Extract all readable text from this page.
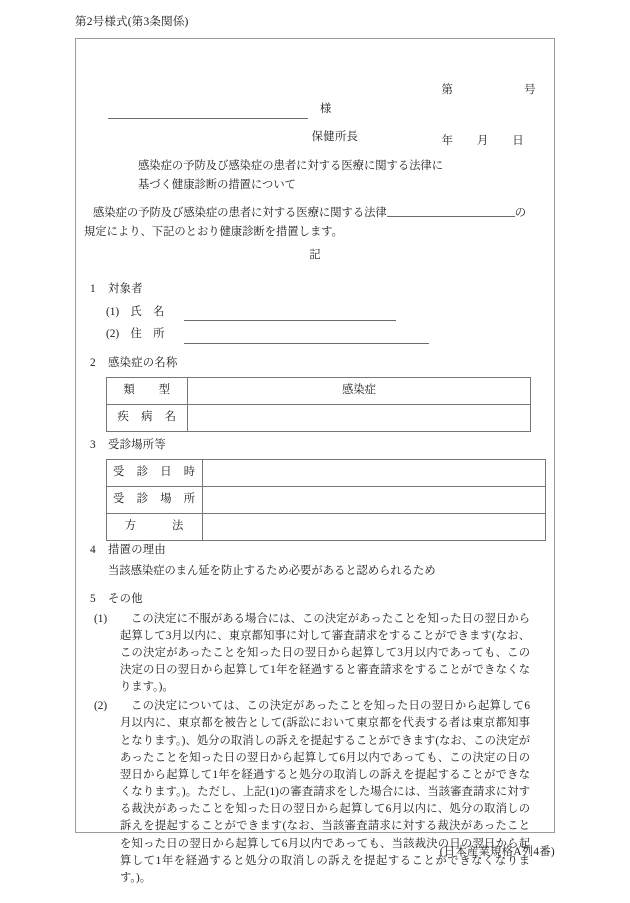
第2号様式(第3条関係)

第　　　　　　号

年　　月　　日

様
保健所長
感染症の予防及び感染症の患者に対する医療に関する法律に
基づく健康診断の措置について
感染症の予防及び感染症の患者に対する医療に関する法律	の
規定により、下記のとおり健康診断を措置します。
記
1 対象者
(1)　氏　名
(2)　住　所
2 感染症の名称
類　　型	感染症
疾　病　名	
3 受診場所等
受　診　日　時	
受　診　場　所	
方　　　法	
4 措置の理由
当該感染症のまん延を防止するため必要があると認められるため
5 その他
(1)	この決定に不服がある場合には、この決定があったことを知った日の翌日から起算して3月以内に、東京都知事に対して審査請求をすることができます(なお、この決定があったことを知った日の翌日から起算して3月以内であっても、この決定の日の翌日から起算して1年を経過すると審査請求をすることができなくなります。)。
(2)	この決定については、この決定があったことを知った日の翌日から起算して6月以内に、東京都を被告として(訴訟において東京都を代表する者は東京都知事となります。)、処分の取消しの訴えを提起することができます(なお、この決定があったことを知った日の翌日から起算して6月以内であっても、この決定の日の翌日から起算して1年を経過すると処分の取消しの訴えを提起することができなくなります。)。ただし、上記(1)の審査請求をした場合には、当該審査請求に対する裁決があったことを知った日の翌日から起算して6月以内に、処分の取消しの訴えを提起することができます(なお、当該審査請求に対する裁決があったことを知った日の翌日から起算して6月以内であっても、当該裁決の日の翌日から起算して1年を経過すると処分の取消しの訴えを提起することができなくなります。)。
(日本産業規格A列4番)
